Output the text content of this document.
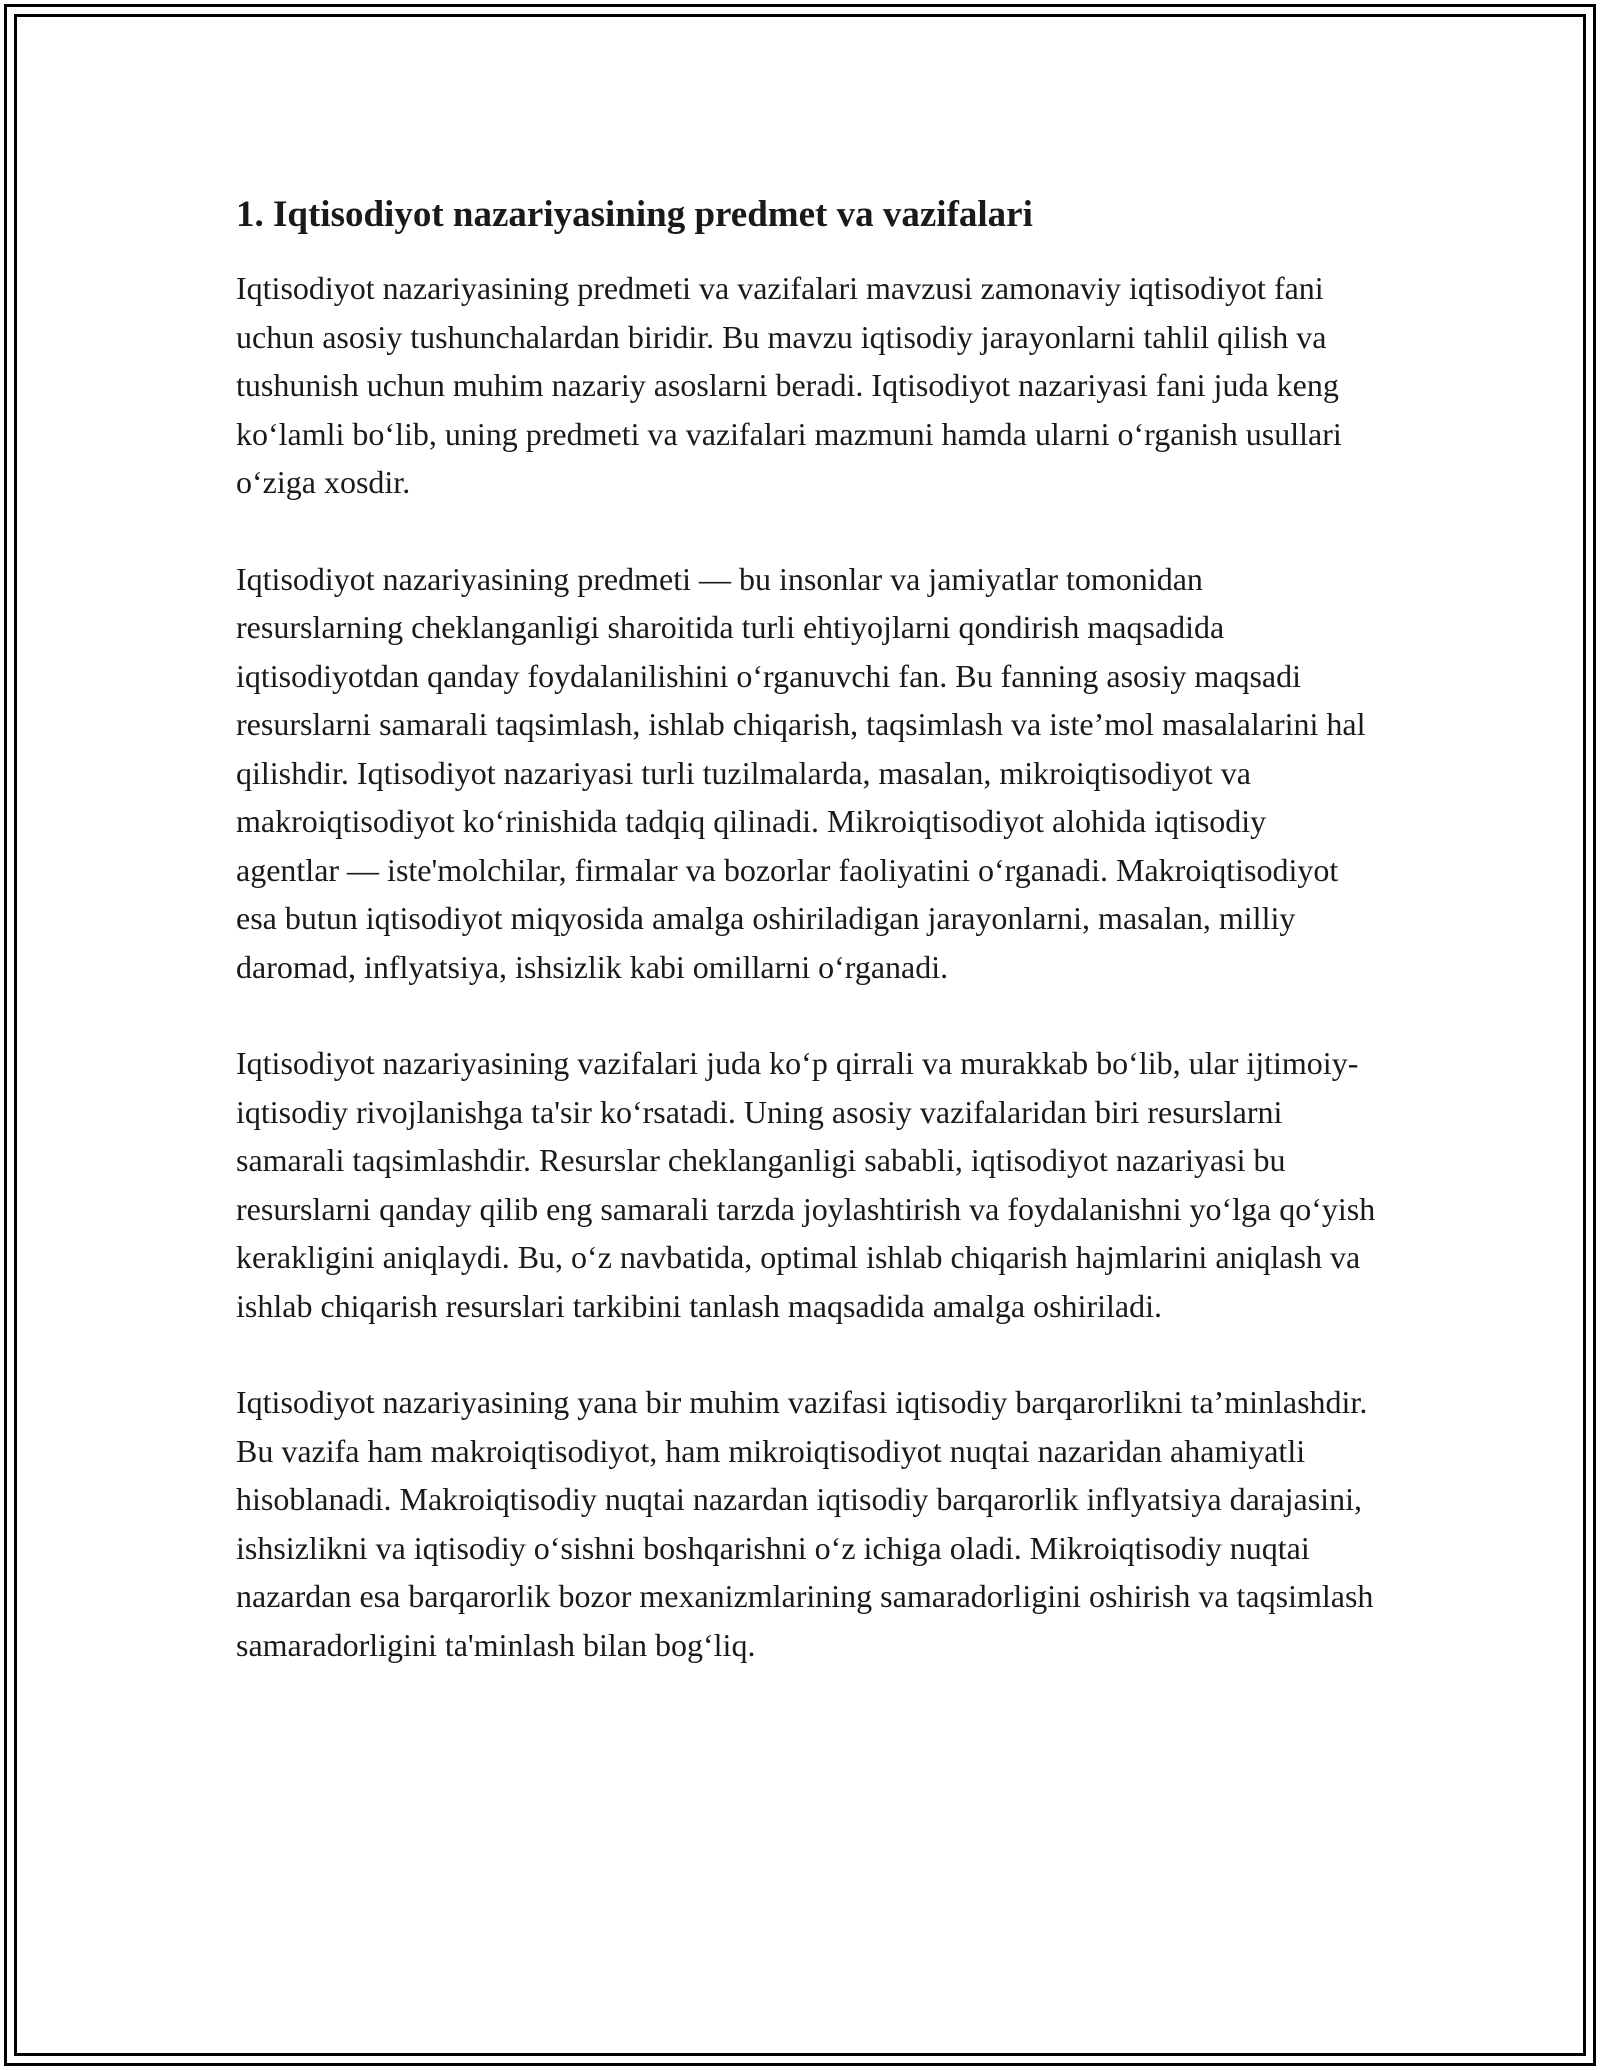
1. Iqtisodiyot nazariyasining predmet va vazifalari

Iqtisodiyot nazariyasining predmeti va vazifalari mavzusi zamonaviy iqtisodiyot fani uchun asosiy tushunchalardan biridir. Bu mavzu iqtisodiy jarayonlarni tahlil qilish va tushunish uchun muhim nazariy asoslarni beradi. Iqtisodiyot nazariyasi fani juda keng ko‘lamli bo‘lib, uning predmeti va vazifalari mazmuni hamda ularni o‘rganish usullari o‘ziga xosdir.

Iqtisodiyot nazariyasining predmeti — bu insonlar va jamiyatlar tomonidan resurslarning cheklanganligi sharoitida turli ehtiyojlarni qondirish maqsadida iqtisodiyotdan qanday foydalanilishini o‘rganuvchi fan. Bu fanning asosiy maqsadi resurslarni samarali taqsimlash, ishlab chiqarish, taqsimlash va iste’mol masalalarini hal qilishdir. Iqtisodiyot nazariyasi turli tuzilmalarda, masalan, mikroiqtisodiyot va makroiqtisodiyot ko‘rinishida tadqiq qilinadi. Mikroiqtisodiyot alohida iqtisodiy agentlar — iste'molchilar, firmalar va bozorlar faoliyatini o‘rganadi. Makroiqtisodiyot esa butun iqtisodiyot miqyosida amalga oshiriladigan jarayonlarni, masalan, milliy daromad, inflyatsiya, ishsizlik kabi omillarni o‘rganadi.

Iqtisodiyot nazariyasining vazifalari juda ko‘p qirrali va murakkab bo‘lib, ular ijtimoiy-iqtisodiy rivojlanishga ta'sir ko‘rsatadi. Uning asosiy vazifalaridan biri resurslarni samarali taqsimlashdir. Resurslar cheklanganligi sababli, iqtisodiyot nazariyasi bu resurslarni qanday qilib eng samarali tarzda joylashtirish va foydalanishni yo‘lga qo‘yish kerakligini aniqlaydi. Bu, o‘z navbatida, optimal ishlab chiqarish hajmlarini aniqlash va ishlab chiqarish resurslari tarkibini tanlash maqsadida amalga oshiriladi.

Iqtisodiyot nazariyasining yana bir muhim vazifasi iqtisodiy barqarorlikni ta’minlashdir. Bu vazifa ham makroiqtisodiyot, ham mikroiqtisodiyot nuqtai nazaridan ahamiyatli hisoblanadi. Makroiqtisodiy nuqtai nazardan iqtisodiy barqarorlik inflyatsiya darajasini, ishsizlikni va iqtisodiy o‘sishni boshqarishni o‘z ichiga oladi. Mikroiqtisodiy nuqtai nazardan esa barqarorlik bozor mexanizmlarining samaradorligini oshirish va taqsimlash samaradorligini ta'minlash bilan bog‘liq.
